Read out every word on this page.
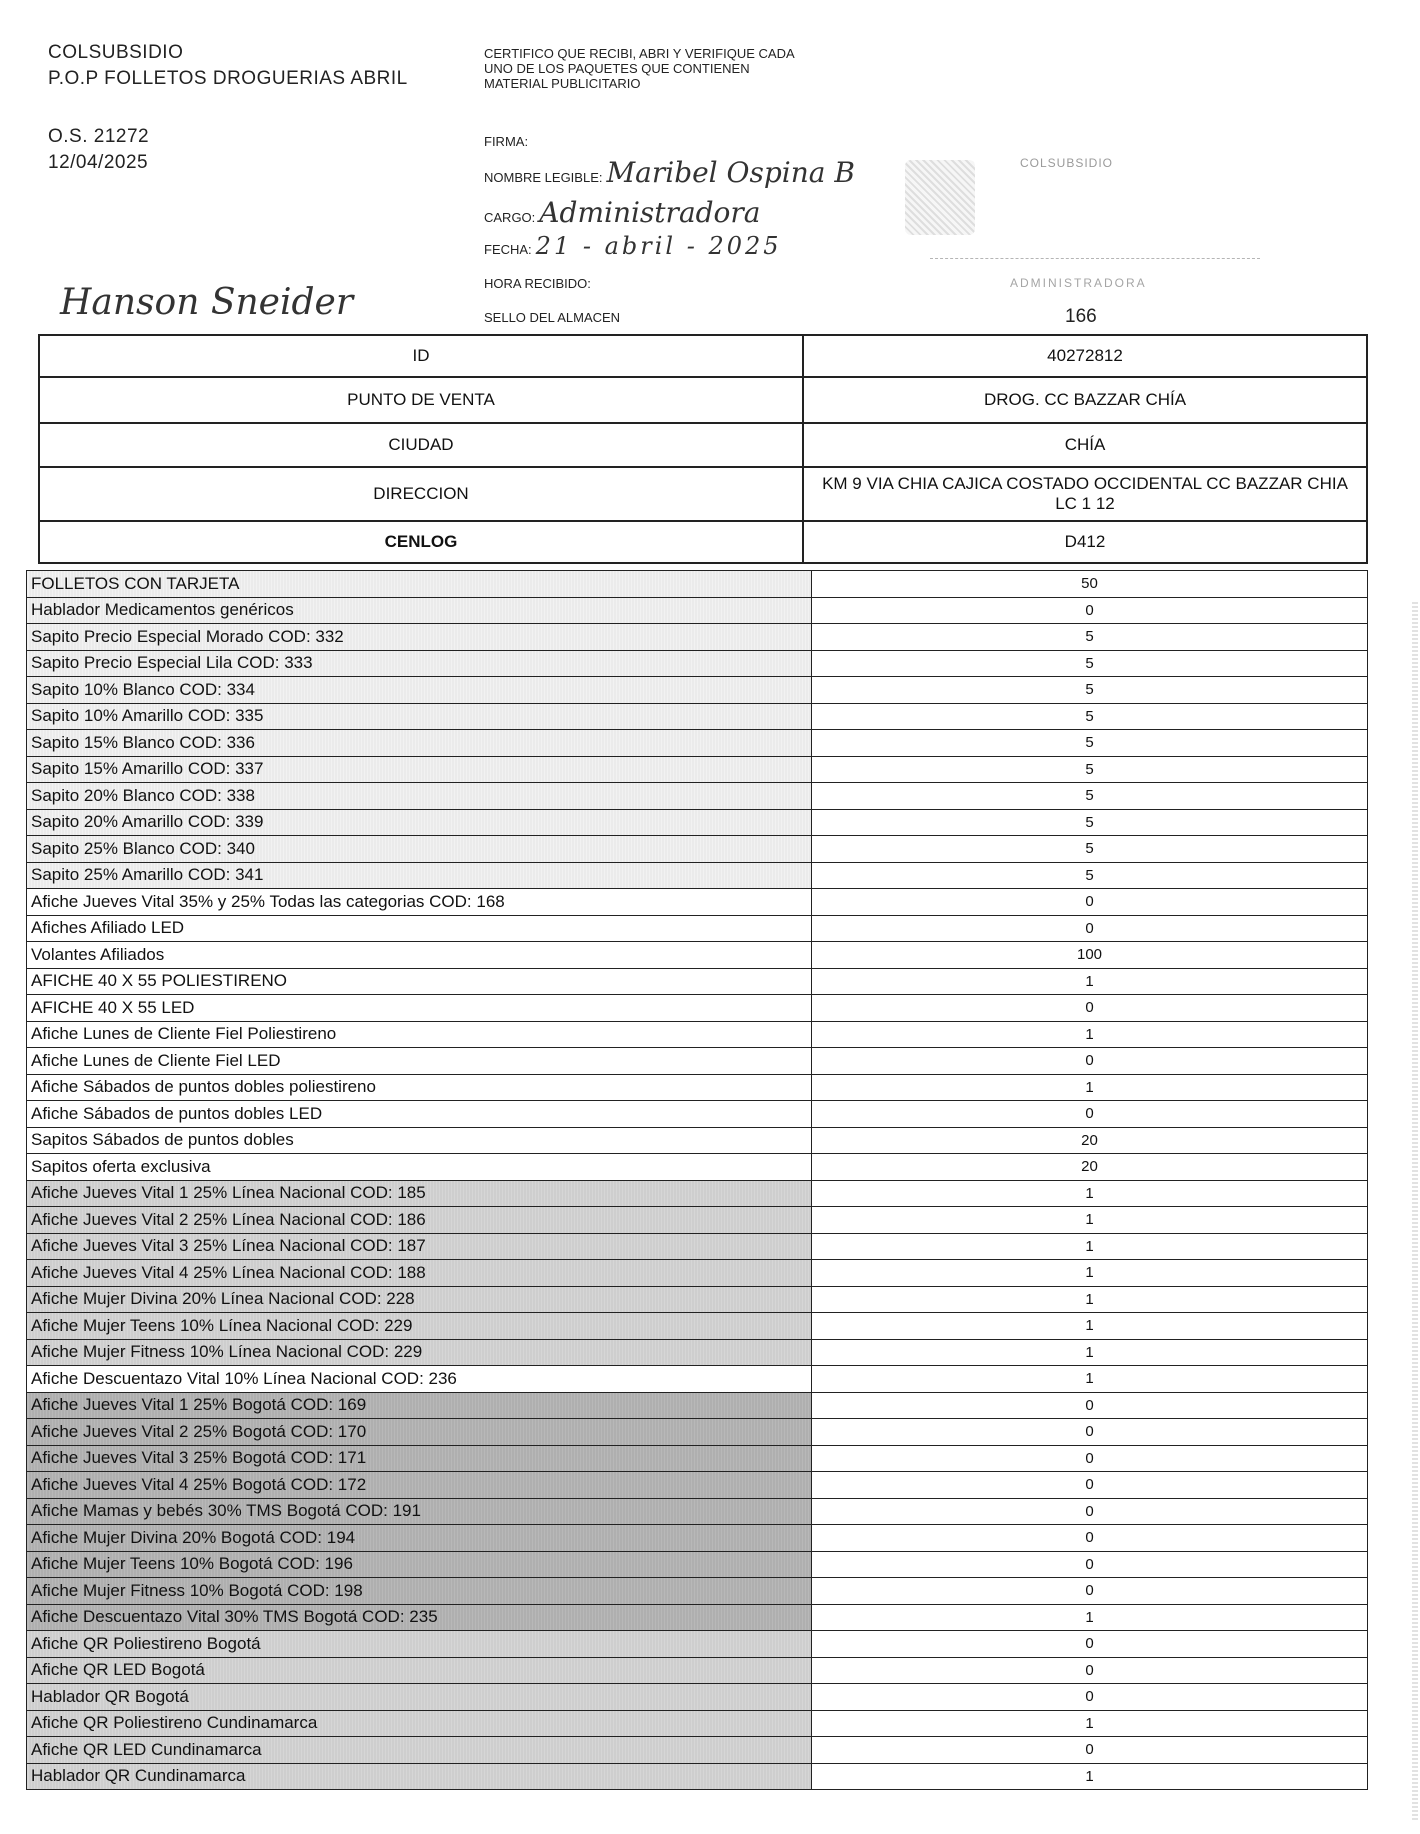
COLSUBSIDIO
P.O.P FOLLETOS DROGUERIAS ABRIL
O.S. 21272
12/04/2025
CERTIFICO QUE RECIBI, ABRI Y VERIFIQUE CADA UNO DE LOS PAQUETES QUE CONTIENEN MATERIAL PUBLICITARIO
FIRMA:
NOMBRE LEGIBLE: Maribel Ospina B
CARGO: Administradora
FECHA: 21 - abril - 2025
HORA RECIBIDO:
SELLO DEL ALMACEN
COLSUBSIDIO
ADMINISTRADORA
Hanson Sneider	166
ID	40272812
PUNTO DE VENTA	DROG. CC BAZZAR CHÍA
CIUDAD	CHÍA
DIRECCION	KM 9 VIA CHIA CAJICA COSTADO OCCIDENTAL CC BAZZAR CHIA LC 1 12
CENLOG	D412
FOLLETOS CON TARJETA	50
Hablador Medicamentos genéricos	0
Sapito Precio Especial Morado COD: 332	5
Sapito Precio Especial Lila COD: 333	5
Sapito 10% Blanco COD: 334	5
Sapito 10% Amarillo COD: 335	5
Sapito 15% Blanco COD: 336	5
Sapito 15% Amarillo COD: 337	5
Sapito 20% Blanco COD: 338	5
Sapito 20% Amarillo COD: 339	5
Sapito 25% Blanco COD: 340	5
Sapito 25% Amarillo COD: 341	5
Afiche Jueves Vital 35% y 25% Todas las categorias COD: 168	0
Afiches Afiliado LED	0
Volantes Afiliados	100
AFICHE 40 X 55 POLIESTIRENO	1
AFICHE 40 X 55 LED	0
Afiche Lunes de Cliente Fiel Poliestireno	1
Afiche Lunes de Cliente Fiel LED	0
Afiche Sábados de puntos dobles poliestireno	1
Afiche Sábados de puntos dobles LED	0
Sapitos Sábados de puntos dobles	20
Sapitos oferta exclusiva	20
Afiche Jueves Vital 1 25% Línea Nacional COD: 185	1
Afiche Jueves Vital 2 25% Línea Nacional COD: 186	1
Afiche Jueves Vital 3 25% Línea Nacional COD: 187	1
Afiche Jueves Vital 4 25% Línea Nacional COD: 188	1
Afiche Mujer Divina 20% Línea Nacional COD: 228	1
Afiche Mujer Teens 10% Línea Nacional COD: 229	1
Afiche Mujer Fitness 10% Línea Nacional COD: 229	1
Afiche Descuentazo Vital 10% Línea Nacional COD: 236	1
Afiche Jueves Vital 1 25% Bogotá COD: 169	0
Afiche Jueves Vital 2 25% Bogotá COD: 170	0
Afiche Jueves Vital 3 25% Bogotá COD: 171	0
Afiche Jueves Vital 4 25% Bogotá COD: 172	0
Afiche Mamas y bebés 30% TMS Bogotá COD: 191	0
Afiche Mujer Divina 20% Bogotá COD: 194	0
Afiche Mujer Teens 10% Bogotá COD: 196	0
Afiche Mujer Fitness 10% Bogotá COD: 198	0
Afiche Descuentazo Vital 30% TMS Bogotá COD: 235	1
Afiche QR Poliestireno Bogotá	0
Afiche QR LED Bogotá	0
Hablador QR Bogotá	0
Afiche QR Poliestireno Cundinamarca	1
Afiche QR LED Cundinamarca	0
Hablador QR Cundinamarca	1
